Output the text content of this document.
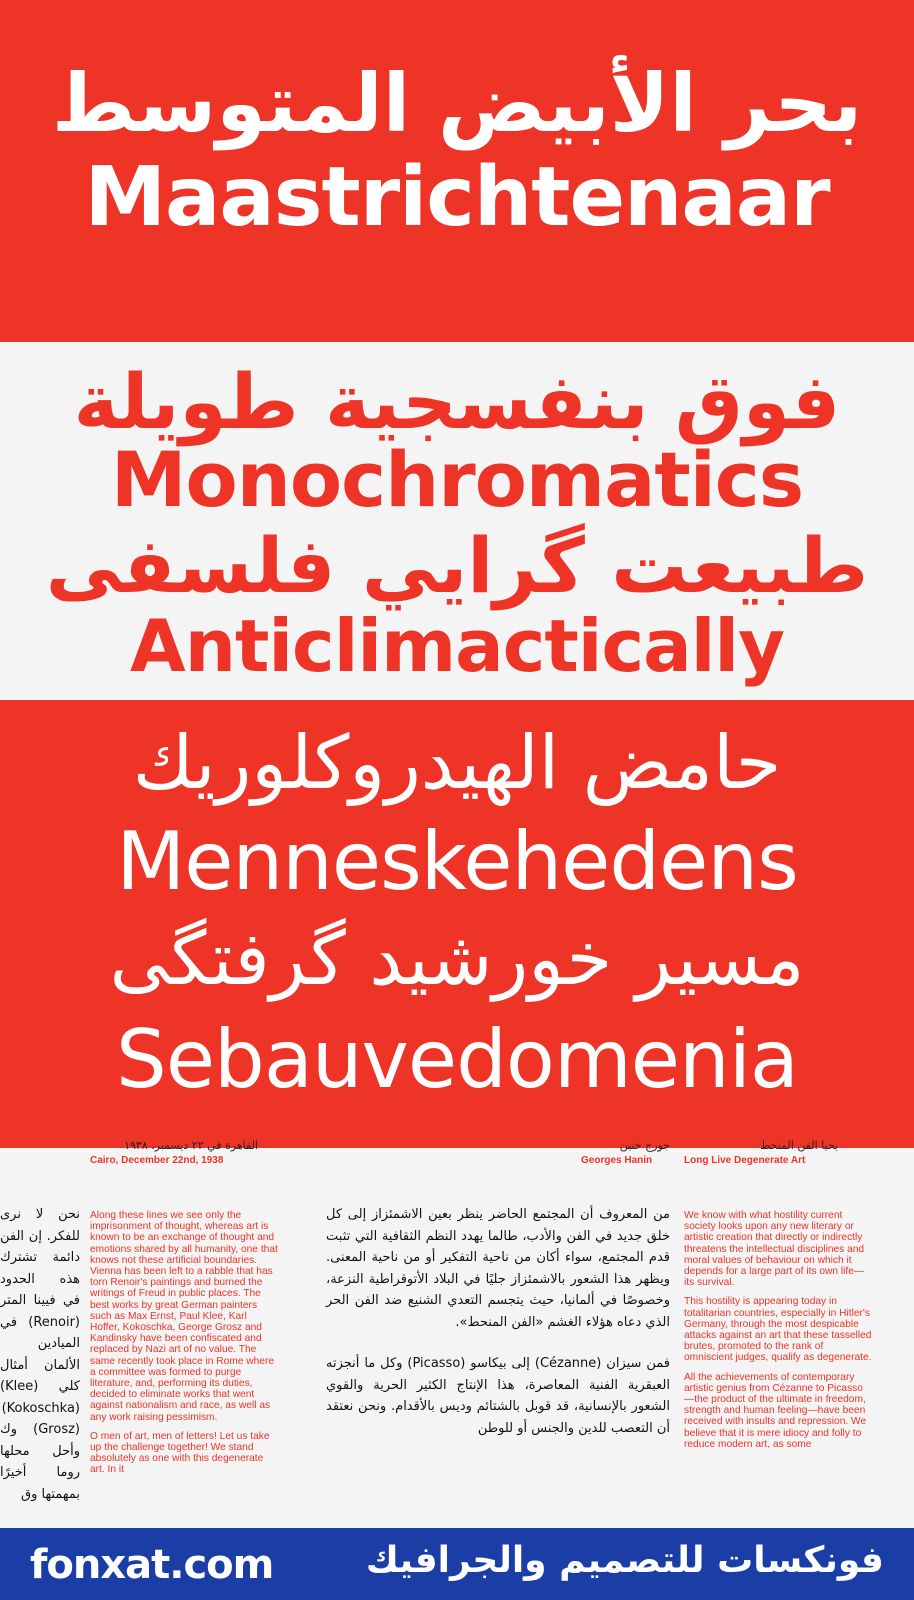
بحر الأبيض المتوسط
Maastrichtenaar
فوق بنفسجية طويلة
Monochromatics
طبيعت گرايي فلسفى
Anticlimactically
حامض الهيدروكلوريك
Menneskehedens
مسير خورشيد گرفتگى
Sebauvedomenia
يحيا الفن المنحط
Long Live Degenerate Art
جورج حنين
Georges Hanin
القاهرة في ٢٢ ديسمبر، ١٩٣٨
Cairo, December 22nd, 1938

We know with what hostility current society looks upon any new literary or artistic creation that directly or indirectly threatens the intellectual disciplines and moral values of behaviour on which it depends for a large part of its own life—its survival.

This hostility is appearing today in totalitarian countries, especially in Hitler's Germany, through the most despicable attacks against an art that these tasselled brutes, promoted to the rank of omniscient judges, qualify as degenerate.

All the achievements of contemporary artistic genius from Cézanne to Picasso—the product of the ultimate in freedom, strength and human feeling—have been received with insults and repression. We believe that it is mere idiocy and folly to reduce modern art, as some

من المعروف أن المجتمع الحاضر ينظر بعين الاشمئزاز إلى كل خلق جديد في الفن والأدب، طالما يهدد النظم الثقافية التي تثبت قدم المجتمع، سواء أكان من ناحية التفكير أو من ناحية المعنى. ويظهر هذا الشعور بالاشمئزاز جليًا في البلاد الأتوقراطية النزعة، وخصوصًا في ألمانيا، حيث يتجسم التعدي الشنيع ضد الفن الحر الذي دعاه هؤلاء الغشم «الفن المنحط».

فمن سيزان (Cézanne) إلى بيكاسو (Picasso) وكل ما أنجزته العبقرية الفنية المعاصرة، هذا الإنتاج الكثير الحرية والقوي الشعور بالإنسانية، قد قوبل بالشتائم وديس بالأقدام. ونحن نعتقد أن التعصب للدين والجنس أو للوطن

Along these lines we see only the imprisonment of thought, whereas art is known to be an exchange of thought and emotions shared by all humanity, one that knows not these artificial boundaries. Vienna has been left to a rabble that has torn Renoir's paintings and burned the writings of Freud in public places. The best works by great German painters such as Max Ernst, Paul Klee, Karl Hoffer, Kokoschka, George Grosz and Kandinsky have been confiscated and replaced by Nazi art of no value. The same recently took place in Rome where a committee was formed to purge literature, and, performing its duties, decided to eliminate works that went against nationalism and race, as well as any work raising pessimism.

O men of art, men of letters! Let us take up the challenge together! We stand absolutely as one with this degenerate art. In it

نحن لا نرى للفكر. إن الفن دائمة تشترك هذه الحدود في فيينا المتر (Renoir) في الميادين الألمان أمثال كلي (Klee) (Kokoschka) (Grosz) وك وأحل محلها روما أخيرًا بمهمتها وق

fonxat.com	فونكسات للتصميم والجرافيك
